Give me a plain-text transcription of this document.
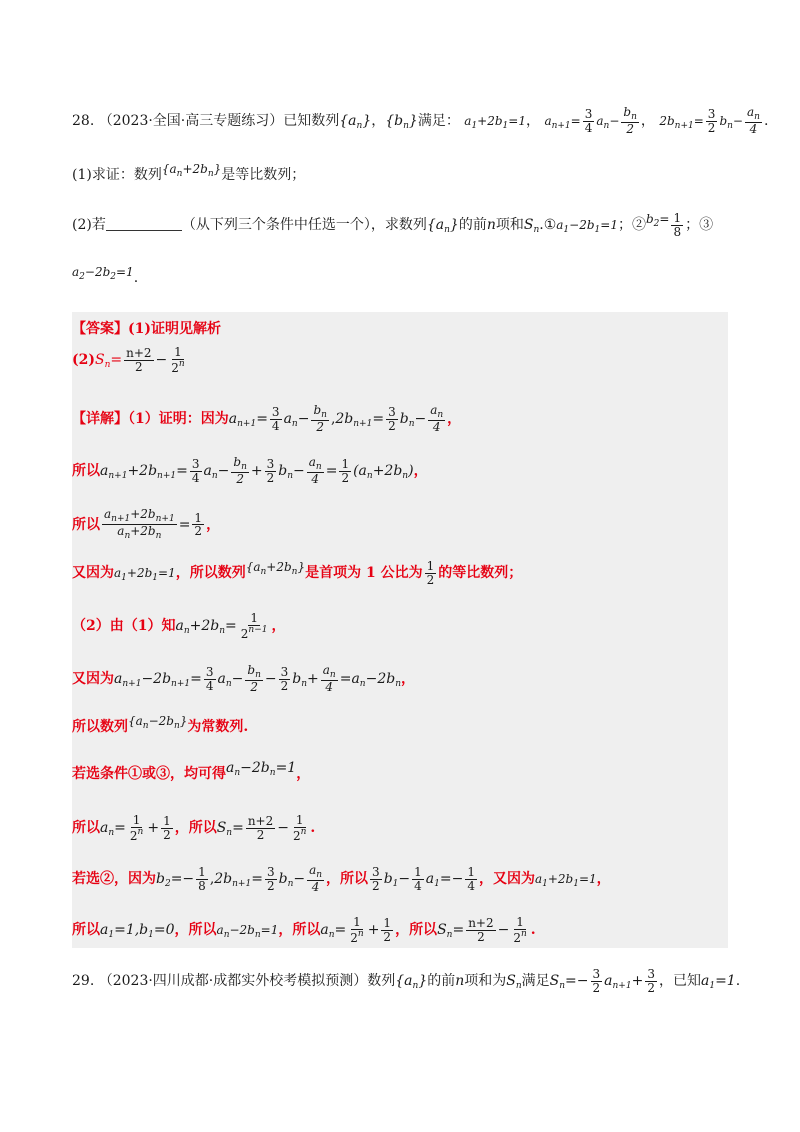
28. （2023·全国·高三专题练习）已知数列$\{a_n\}$，$\{b_n\}$满足： $a_1+2b_1=1$， $a_{n+1}= \frac{3}{4} a_n- \frac{b_n}{2}$ ， $2b_{n+1}= \frac{3}{2} b_n- \frac{a_n}{4}$ .
(1)求证：数列$\{a_n+2b_n\}$是等比数列；
(2)若	（从下列三个条件中任选一个），求数列$\{a_n\}$的前n项和$S_n.①a_1-2b_1=1$；$②b_2= \frac{1}{8}$ ；③
$a_2-2b_2=1$.
【答案】(1)证明见解析
$(2)S_n= \frac{n+2}{2} - \frac{1}{2^n}$
【详解】（1）证明：因为$a_{n+1}= \frac{3}{4} a_n- \frac{b_n}{2} ,2b_{n+1}= \frac{3}{2} b_n- \frac{a_n}{4}$ ，
所以$a_{n+1}+2b_{n+1}= \frac{3}{4} a_n- \frac{b_n}{2} + \frac{3}{2} b_n- \frac{a_n}{4} = \frac{1}{2} (a_n+2b_n)$，
所以 $\frac{a_{n+1}+2b_{n+1}}{a_n+2b_n} = \frac{1}{2}$ ，
又因为$a_1+2b_1=1$，所以数列$\{a_n+2b_n\}$是首项为 1 公比为 $\frac{1}{2}$ 的等比数列；
（2）由（1）知$a_n+2b_n= \frac{1}{2^{n-1}}$ ，
又因为$a_{n+1}-2b_{n+1}= \frac{3}{4} a_n- \frac{b_n}{2} - \frac{3}{2} b_n+ \frac{a_n}{4} =a_n-2b_n$，
所以数列$\{a_n-2b_n\}$为常数列.
若选条件①或③，均可得$a_n-2b_n=1$，
所以$a_n= \frac{1}{2^n} + \frac{1}{2}$ ，所以$S_n= \frac{n+2}{2} - \frac{1}{2^n}$ .
若选②，因为$b_2=- \frac{1}{8} ,2b_{n+1}= \frac{3}{2} b_n- \frac{a_n}{4}$ ，所以 $\frac{3}{2} b_1- \frac{1}{4} a_1=- \frac{1}{4}$ ，又因为$a_1+2b_1=1$，
所以$a_1=1,b_1=0$，所以$a_n-2b_n=1$，所以$a_n= \frac{1}{2^n} + \frac{1}{2}$ ，所以$S_n= \frac{n+2}{2} - \frac{1}{2^n}$ .
29. （2023·四川成都·成都实外校考模拟预测）数列$\{a_n\}$的前n项和为$S_n$满足$S_n=- \frac{3}{2} a_{n+1}+ \frac{3}{2}$ ，已知$a_1=1$.
